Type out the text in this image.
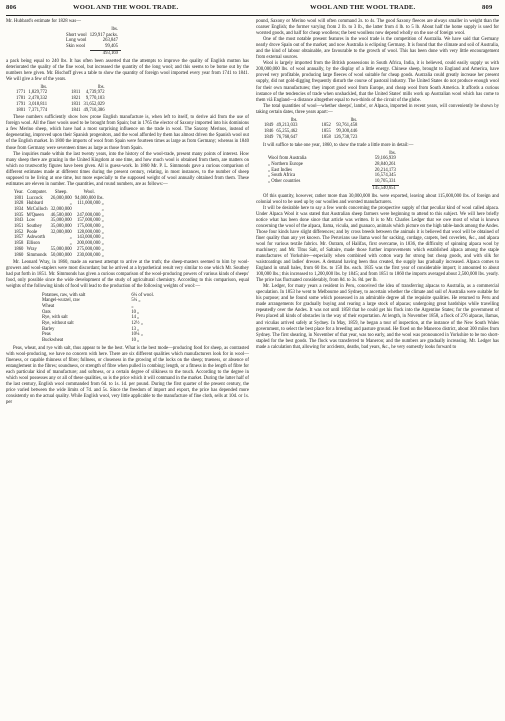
806	WOOL AND THE WOOL TRADE.	WOOL AND THE WOOL TRADE.	809

Mr. Hubbard's estimate for 1828 was—

	lbs.
Short wool	129,917 packs.
Long wool	263,847
Skin wool	99,405
	493,169

a pack being equal to 240 lbs. It has often been asserted that the attempts to improve the quality of English mutton has deteriorated the quality of the fine wool, but increased the quantity of the long wool; and this seems to be borne out by the numbers here given. Mr. Bischoff gives a table to show the quantity of foreign wool imported every year from 1741 to 1841. We will give a few of the years.

	lbs.			lbs.
1771	1,829,772		1811	4,739,972
1781	2,478,332		1821	9,770,103
1791	3,018,811		1831	31,652,029
1801	7,371,774		1841	49,710,386

These numbers sufficiently show how prone English manufacture is, when left to itself, to derive aid from the use of foreign wool. All the finer wools used to be brought from Spain; but in 1765 the elector of Saxony imported into his dominions a few Merino sheep, which have had a most surprising influence on the trade in wool. The Saxony Merinos, instead of degenerating, improved upon their Spanish progenitors, and the wool afforded by them has almost driven the Spanish wool out of the English market. In 1800 the imports of wool from Spain were fourteen times as large as from Germany; whereas in 1840 those from Germany were seventeen times as large as those from Spain.

The inquiries made within the last twenty years, into the history of the wool-trade, present many points of interest. How many sheep there are grazing in the United Kingdom at one time, and how much wool is obtained from them, are matters on which no trustworthy figures have been given. All is guess-work. In 1860 Mr. P. L. Simmonds gave a curious comparison of different estimates made at different times during the present century, relating, in most instances, to the number of sheep supposed to be living at one time, but more especially to the supposed weight of wool annually obtained from them. These estimates are eleven in number. The quantities, and round numbers, are as follows:—

Year.	Computer.	Sheep.	Wool.
1801	Luccock	26,000,000	94,000,000 lbs.
1828	Hubbard	„	111,000,000 „
1834	McCulloch	32,000,000	„
1835	M'Queen	46,500,000	247,000,000 „
1843	Low	35,000,000	157,000,000 „
1851	Southey	35,000,000	175,000,000 „
1852	Poole	32,000,000	128,000,000 „
1857	Ashworth	„	143,000,000 „
1858	Ellison	„	200,000,000 „
1860	Wray	55,000,000	275,000,000 „
1860	Simmonds	50,000,000	230,000,000 „

Mr. Leonard Wray, in 1860, made an earnest attempt to arrive at the truth; the sheep-masters seemed to him by wool-growers and wool-staplers were most discordant; but he arrived at a hypothetical result very similar to one which Mr. Southey had put forth in 1851. Mr. Simmonds has given a curious comparison of the wool-producing powers of various kinds of sheeps' food, only possible since the wide development of the study of agricultural chemistry. According to this comparison, equal weights of the following kinds of food will lead to the production of the following weights of wool:—

Potatoes, raw, with salt		6¼ of wool.
Mangel-wurzel, raw		5¼ „
Wheat		„
Oats		10 „
Rye, with salt		14 „
Rye, without salt		12½ „
Barley		13 „
Peas		10¼ „
Buckwheat		10 „

Peas, wheat, and rye with salt, thus appear to be the best. What is the best mode—producing food for sheep, as contrasted with wool-producing, we have no concern with here. There are six different qualities which manufacturers look for in wool—fineness, or capable thinness of fibre; fullness, or closeness in the growing of the locks on the sheep; trueness, or absence of entanglement in the fibres; soundness, or strength of fibre when pulled in combing; length, or a fitness in the length of fibre for each particular kind of manufacture; and softness, or a certain degree of silkiness to the touch. According to the degree in which wool possesses any or all of these qualities, so is the price which it will command in the market. During the latter half of the last century, English wool commanded from 6d. to 1s. 1d. per pound. During the first quarter of the present century, the price varied between the wide limits of 7d. and 5s. Since the freedom of import and export, the price has depended more consistently on the actual quality. While English wool, very little applicable to the manufacture of fine cloth, sells at 10d. or 1s. per

pound, Saxony or Merino wool will often command 2s. to 4s. The good Saxony fleeces are always smaller in weight than the coarser English; the former varying from 2 lb. to 3 lb., the latter from 4 lb. to 5 lb. About half the home supply is used for worsted goods, and half for cheap woollens; the best woollens now depend wholly on the use of foreign wool.

One of the most notable present features in the wool trade is the competition of Australia. We have said that Germany nearly drove Spain out of the market; and now Australia is eclipsing Germany. It is found that the climate and soil of Australia, and the kind of labour obtainable, are favourable to the growth of wool. This has been done with very little encouragement from external sources.

Wool is largely imported from the British possessions in South Africa, India, it is believed, could easily supply us with 200,000,000 lbs. of wool annually, by the display of a little energy. Chinese sheep, brought to England and America, have proved very profitable, producing large fleeces of wool suitable for cheap goods. Australia could greatly increase her present supply, did not gold-digging frequently disturb the course of pastoral industry. The United States do not produce enough wool for their own manufactures; they import good wool from Europe, and cheap wool from South America. It affords a curious instance of the tendencies of trade when unshackled, that the United States' mills work up Australian wool which has come to them viâ England—a distance altogether equal to two-thirds of the circuit of the globe.

The total quantities of wool—whether sheeps', lambs', or Alpaca, imported in recent years, will conveniently be shown by taking certain dates, three years apart:—

	lbs.			lbs.
1849	49,213,033		1852	93,761,458
1846	65,255,462		1855	99,300,446
1849	76,768,647		1858	126,738,723

It will suffice to take one year, 1860, to show the trade a little more in detail:—

		lbs.
Wool from Australia		59,166,939
„ Northern Europe		28,840,261
„ East Indies		20,214,173
„ South Africa		16,574,345
„ Other countries		10,705,331
		145,540,651

Of this quantity, however, rather more than 30,000,000 lbs. were exported, leaving about 115,000,000 lbs. of foreign and colonial wool to be used up by our woollen and worsted manufacturers.

It will be desirable here to say a few words concerning the prospective supply of that peculiar kind of wool called alpaca. Under Alpaca Wool it was stated that Australian sheep farmers were beginning to attend to this subject. We will here briefly notice what has been done since that article was written. It is to Mr. Charles Ledger that we owe most of what is known concerning the wool of the alpaca, llama, vicuña, and guanaco, animals which picture on the high table-lands among the Andes. Those four kinds have slight differences; and by cross breeds between the animals it is believed that wool will be obtained of finer quality than any yet known. The Peruvians use llama wool for sacking, cordage, carpets, bed coverlets, &c., and alpaca wool for various textile fabrics. Mr. Outram, of Halifax, first overcame, in 1836, the difficulty of spinning alpaca wool by machinery; and Mr. Titus Salt, of Saltaire, made those further improvements which established alpaca among the staple manufactures of Yorkshire—especially when combined with cotton warp for strong but cheap goods, and with silk for waistcoatings and ladies' dresses. A demand having been thus created, the supply has gradually increased. Alpaca comes to England in small bales, from 60 lbs. to 150 lbs. each. 1835 was the first year of considerable import; it amounted to about 100,000 lbs.; this increased to 1,200,000 lbs. by 1845; and from 1851 to 1860 the imports averaged about 2,500,000 lbs. yearly. The price has fluctuated considerably, from 8d. to 3s. 8d. per lb.

Mr. Ledger, for many years a resident in Peru, conceived the idea of transferring alpacas to Australia, as a commercial speculation. In 1853 he went to Melbourne and Sydney, to ascertain whether the climate and soil of Australia were suitable for his purpose; and he found some which possessed in an admirable degree all the requisite qualities. He returned to Peru and made arrangements for gradually buying and rearing a large stock of alpacas; undergoing great hardships while travelling repeatedly over the Andes. It was not until 1858 that he could get his flock into the Argentine States; for the government of Peru placed all kinds of obstacles in the way of their exportation. At length, in November 1858, a flock of 276 alpacas, llamas, and vicuñas arrived safely at Sydney. In May, 1859, he began a tour of inspection, at the instance of the New South Wales government, to select the best place for a breeding and pasture ground. He fixed on the Maneroo district, about 300 miles from Sydney. The first shearing, in November of that year, was too early, and the wool was pronounced in Yorkshire to be too short-stapled for the best goods. The flock was transferred to Maneroo; and the numbers are gradually increasing. Mr. Ledger has made a calculation that, allowing for accidents, deaths, bad years, &c., he very earnestly looks forward to
